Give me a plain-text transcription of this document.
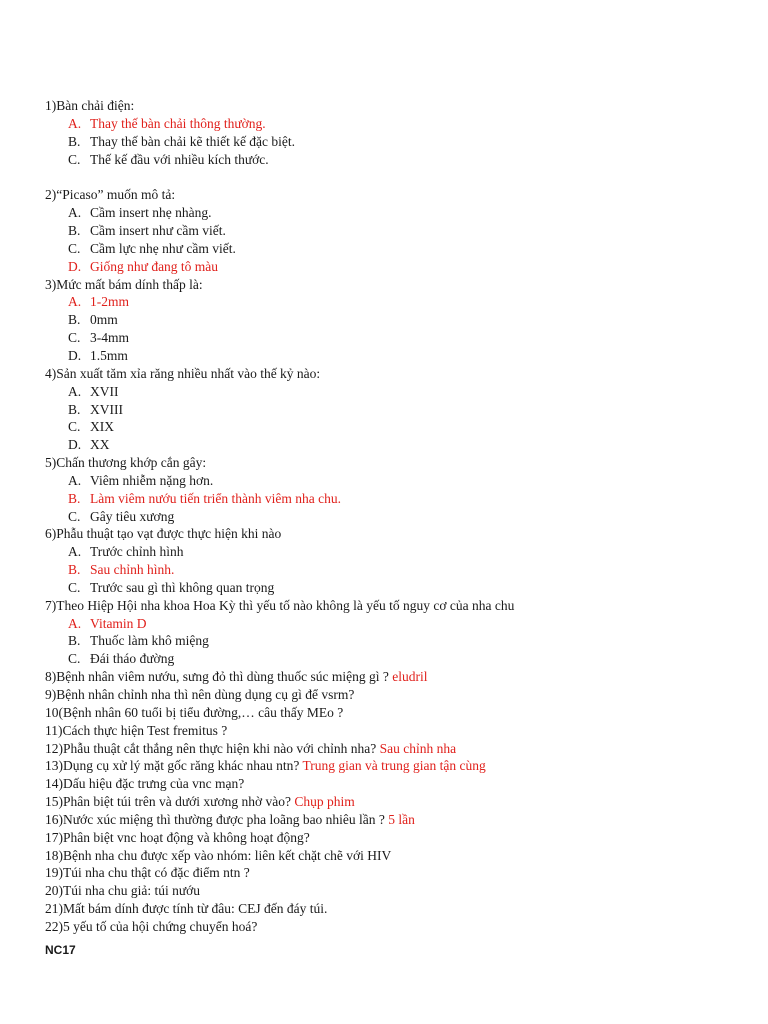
1)Bàn chải điện:
A. Thay thế bàn chải thông thường.
B. Thay thế bàn chải kẽ thiết kế đặc biệt.
C. Thế kế đầu với nhiều kích thước.
2)“Picaso” muốn mô tả:
A. Cầm insert nhẹ nhàng.
B. Cầm insert như cầm viết.
C. Cầm lực nhẹ như cầm viết.
D. Giống như đang tô màu
3)Mức mất bám dính thấp là:
A. 1-2mm
B. 0mm
C. 3-4mm
D. 1.5mm
4)Sản xuất tăm xỉa răng nhiều nhất vào thế kỷ nào:
A. XVII
B. XVIII
C. XIX
D. XX
5)Chấn thương khớp cắn gây:
A. Viêm nhiễm nặng hơn.
B. Làm viêm nướu tiến triển thành viêm nha chu.
C. Gây tiêu xương
6)Phẫu thuật tạo vạt được thực hiện khi nào
A. Trước chỉnh hình
B. Sau chỉnh hình.
C. Trước sau gì thì không quan trọng
7)Theo Hiệp Hội nha khoa Hoa Kỳ thì yếu tố nào không là yếu tố nguy cơ của nha chu
A. Vitamin D
B. Thuốc làm khô miệng
C. Đái tháo đường
8)Bệnh nhân viêm nướu, sưng đỏ thì dùng thuốc súc miệng gì ? eludril
9)Bệnh nhân chỉnh nha thì nên dùng dụng cụ gì để vsrm?
10(Bệnh nhân 60 tuổi bị tiểu đường,… câu thấy MEo ?
11)Cách thực hiện Test fremitus ?
12)Phẫu thuật cắt thắng nên thực hiện khi nào với chỉnh nha? Sau chỉnh nha
13)Dụng cụ xử lý mặt gốc răng khác nhau ntn? Trung gian và trung gian tận cùng
14)Dấu hiệu đặc trưng của vnc mạn?
15)Phân biệt túi trên và dưới xương nhờ vào? Chụp phim
16)Nước xúc miệng thì thường được pha loãng bao nhiêu lần ? 5 lần
17)Phân biệt vnc hoạt động và không hoạt động?
18)Bệnh nha chu được xếp vào nhóm: liên kết chặt chẽ với HIV
19)Túi nha chu thật có đặc điểm ntn ?
20)Túi nha chu giả: túi nướu
21)Mất bám dính được tính từ đâu: CEJ đến đáy túi.
22)5 yếu tố của hội chứng chuyển hoá?
NC17
